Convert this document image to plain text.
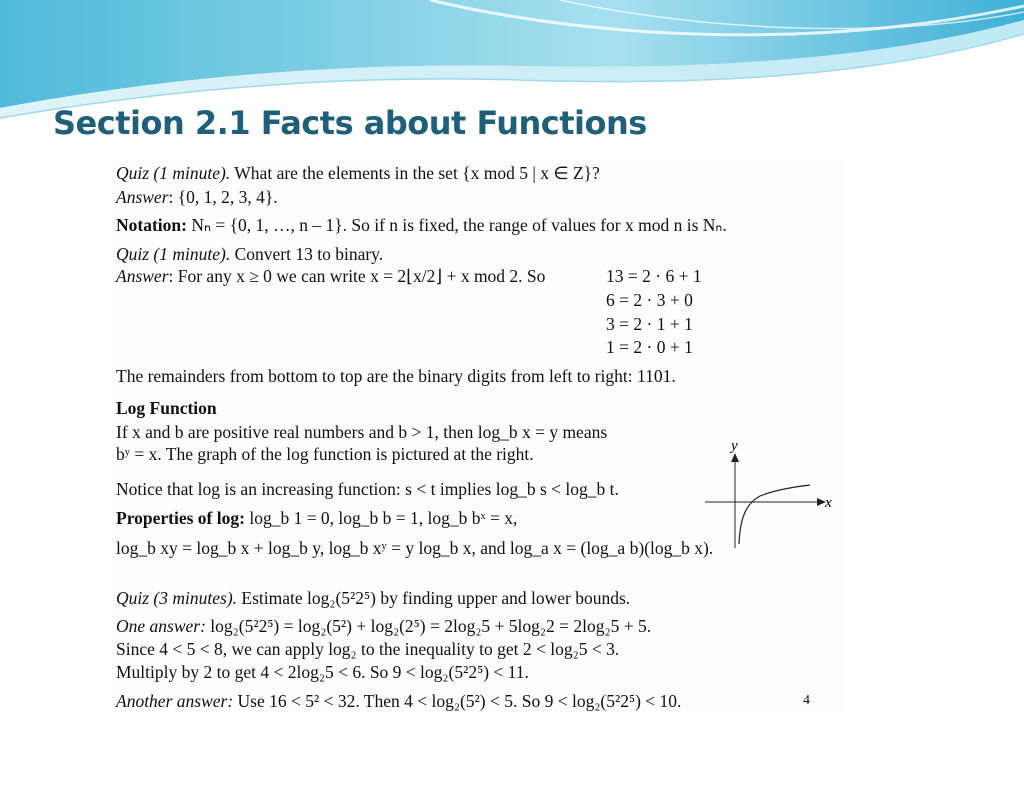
Section 2.1 Facts about Functions
Quiz (1 minute). What are the elements in the set {x mod 5 | x ∈ Z}?
Answer: {0, 1, 2, 3, 4}.
Notation: Nₙ = {0, 1, …, n – 1}. So if n is fixed, the range of values for x mod n is Nₙ.
Quiz (1 minute). Convert 13 to binary.
Answer: For any x ≥ 0 we can write x = 2⌊x/2⌋ + x mod 2. So	13 = 2 · 6 + 1
6 = 2 · 3 + 0
3 = 2 · 1 + 1
1 = 2 · 0 + 1
The remainders from bottom to top are the binary digits from left to right: 1101.
Log Function
If x and b are positive real numbers and b > 1, then log_b x = y means
bʸ = x. The graph of the log function is pictured at the right.
Notice that log is an increasing function: s < t implies log_b s < log_b t.
Properties of log: log_b 1 = 0, log_b b = 1, log_b bˣ = x,
log_b xy = log_b x + log_b y, log_b xʸ = y log_b x, and log_a x = (log_a b)(log_b x).
Quiz (3 minutes). Estimate log₂(5²2⁵) by finding upper and lower bounds.
One answer: log₂(5²2⁵) = log₂(5²) + log₂(2⁵) = 2log₂5 + 5log₂2 = 2log₂5 + 5.
Since 4 < 5 < 8, we can apply log₂ to the inequality to get 2 < log₂5 < 3.
Multiply by 2 to get 4 < 2log₂5 < 6. So 9 < log₂(5²2⁵) < 11.
Another answer: Use 16 < 5² < 32. Then 4 < log₂(5²) < 5. So 9 < log₂(5²2⁵) < 10.	4
x
y
